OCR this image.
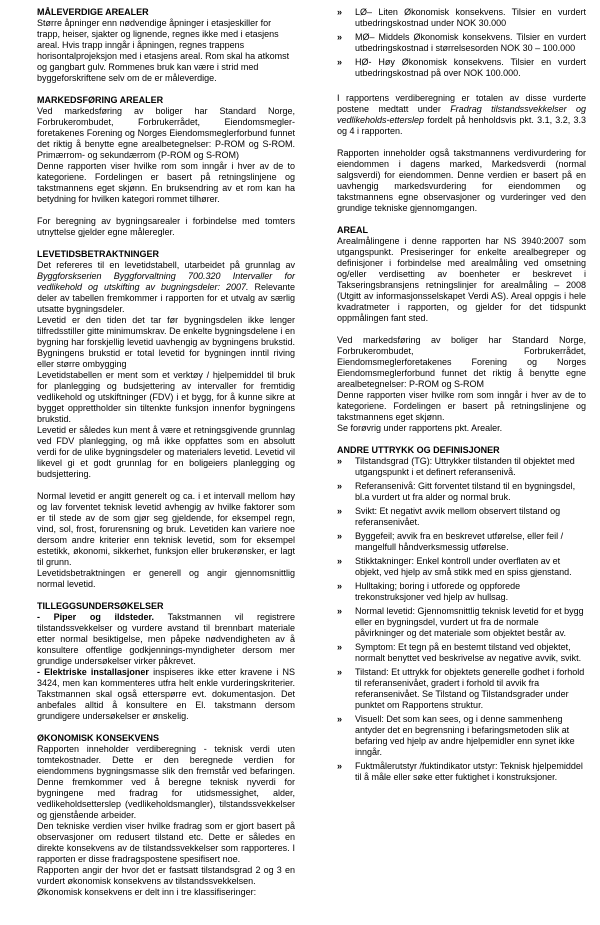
MÅLEVERDIGE AREALER

Større åpninger enn nødvendige åpninger i etasjeskiller for trapp, heiser, sjakter og lignende, regnes ikke med i etasjens areal. Hvis trapp inngår i åpningen, regnes trappens horisontalprojeksjon med i etasjens areal. Rom skal ha atkomst og gangbart gulv. Rommenes bruk kan være i strid med byggeforskriftene selv om de er måleverdige.

MARKEDSFØRING AREALER

Ved markedsføring av boliger har Standard Norge, Forbrukerombudet, Forbrukerrådet, Eiendomsmegler-foretakenes Forening og Norges Eiendomsmeglerforbund funnet det riktig å benytte egne arealbetegnelser: P-ROM og S-ROM. Primærrom- og sekundærrom (P-ROM og S-ROM)

Denne rapporten viser hvilke rom som inngår i hver av de to kategoriene. Fordelingen er basert på retningslinjene og takstmannens eget skjønn. En bruksendring av et rom kan ha betydning for hvilken kategori rommet tilhører.

For beregning av bygningsarealer i forbindelse med tomters utnyttelse gjelder egne måleregler.

LEVETIDSBETRAKTNINGER

Det refereres til en levetidstabell, utarbeidet på grunnlag av Byggforskserien Byggforvaltning 700.320 Intervaller for vedlikehold og utskifting av bugningsdeler: 2007. Relevante deler av tabellen fremkommer i rapporten for et utvalg av særlig utsatte bygningsdeler.

Levetid er den tiden det tar før bygningsdelen ikke lenger tilfredsstiller gitte minimumskrav. De enkelte bygningsdelene i en bygning har forskjellig levetid uavhengig av bygningens brukstid. Bygningens brukstid er total levetid for bygningen inntil riving eller større ombygging

Levetidstabellen er ment som et verktøy / hjelpemiddel til bruk for planlegging og budsjettering av intervaller for fremtidig vedlikehold og utskiftninger (FDV) i et bygg, for å kunne sikre at bygget opprettholder sin tiltenkte funksjon innenfor bygningens brukstid.

Levetid er således kun ment å være et retningsgivende grunnlag ved FDV planlegging, og må ikke oppfattes som en absolutt verdi for de ulike bygningsdeler og materialers levetid. Levetid vil likevel gi et godt grunnlag for en boligeiers planlegging og budsjettering.

Normal levetid er angitt generelt og ca. i et intervall mellom høy og lav forventet teknisk levetid avhengig av hvilke faktorer som er til stede av de som gjør seg gjeldende, for eksempel regn, vind, sol, frost, forurensning og bruk. Levetiden kan variere noe dersom andre kriterier enn teknisk levetid, som for eksempel estetikk, økonomi, sikkerhet, funksjon eller brukerønsker, er lagt til grunn.

Levetidsbetraktningen er generell og angir gjennomsnittlig normal levetid.

TILLEGGSUNDERSØKELSER

- Piper og ildsteder. Takstmannen vil registrere tilstandssvekkelser og vurdere avstand til brennbart materiale etter normal besiktigelse, men påpeke nødvendigheten av å konsultere offentlige godkjennings-myndigheter dersom mer grundige undersøkelser virker påkrevet.

- Elektriske installasjoner inspiseres ikke etter kravene i NS 3424, men kan kommenteres utfra helt enkle vurderingskriterier. Takstmannen skal også etterspørre evt. dokumentasjon. Det anbefales alltid å konsultere en El. takstmann dersom grundigere undersøkelser er ønskelig.

ØKONOMISK KONSEKVENS

Rapporten inneholder verdiberegning - teknisk verdi uten tomtekostnader. Dette er den beregnede verdien for eiendommens bygningsmasse slik den fremstår ved befaringen. Denne fremkommer ved å beregne teknisk nyverdi for bygningene med fradrag for utidsmessighet, alder, vedlikeholdsetterslep (vedlikeholdsmangler), tilstandssvekkelser og gjenstående arbeider.

Den tekniske verdien viser hvilke fradrag som er gjort basert på observasjoner om redusert tilstand etc. Dette er således en direkte konsekvens av de tilstandssvekkelser som rapporteres. I rapporten er disse fradragspostene spesifisert noe.

Rapporten angir der hvor det er fastsatt tilstandsgrad 2 og 3 en vurdert økonomisk konsekvens av tilstandssvekkelsen.

Økonomisk konsekvens er delt inn i tre klassifiseringer:

»	LØ– Liten Økonomisk konsekvens. Tilsier en vurdert utbedringskostnad under NOK 30.000
»	MØ– Middels Økonomisk konsekvens. Tilsier en vurdert utbedringskostnad i størrelsesorden NOK 30 – 100.000
»	HØ- Høy Økonomisk konsekvens. Tilsier en vurdert utbedringskostnad på over NOK 100.000.

I rapportens verdiberegning er totalen av disse vurderte postene medtatt under Fradrag tilstandssvekkelser og vedlikeholds-etterslep fordelt på henholdsvis pkt. 3.1, 3.2, 3.3 og 4 i rapporten.

Rapporten inneholder også takstmannens verdivurdering for eiendommen i dagens marked, Markedsverdi (normal salgsverdi) for eiendommen. Denne verdien er basert på en uavhengig markedsvurdering for eiendommen og takstmannens egne observasjoner og vurderinger ved den grundige tekniske gjennomgangen.

AREAL

Arealmålingene i denne rapporten har NS 3940:2007 som utgangspunkt. Presiseringer for enkelte arealbegreper og definisjoner i forbindelse med arealmåling ved omsetning og/eller verdisetting av boenheter er beskrevet i Takseringsbransjens retningslinjer for arealmåling – 2008 (Utgitt av informasjonsselskapet Verdi AS). Areal oppgis i hele kvadratmeter i rapporten, og gjelder for det tidspunkt oppmålingen fant sted.

Ved markedsføring av boliger har Standard Norge, Forbrukerombudet, Forbrukerrådet, Eiendomsmeglerforetakenes Forening og Norges Eiendomsmeglerforbund funnet det riktig å benytte egne arealbetegnelser: P-ROM og S-ROM

Denne rapporten viser hvilke rom som inngår i hver av de to kategoriene. Fordelingen er basert på retningslinjene og takstmannens eget skjønn.

Se forøvrig under rapportens pkt. Arealer.

ANDRE UTTRYKK OG DEFINISJONER
»	Tilstandsgrad (TG): Uttrykker tilstanden til objektet med utgangspunkt i et definert referansenivå.
»	Referansenivå: Gitt forventet tilstand til en bygningsdel, bl.a vurdert ut fra alder og normal bruk.
»	Svikt: Et negativt avvik mellom observert tilstand og referansenivået.
»	Byggefeil; avvik fra en beskrevet utførelse, eller feil / mangelfull håndverksmessig utførelse.
»	Stikktakninger: Enkel kontroll under overflaten av et objekt, ved hjelp av små stikk med en spiss gjenstand.
»	Hulltaking; boring i utforede og oppforede trekonstruksjoner ved hjelp av hullsag.
»	Normal levetid: Gjennomsnittlig teknisk levetid for et bygg eller en bygningsdel, vurdert ut fra de normale påvirkninger og det materiale som objektet består av.
»	Symptom: Et tegn på en bestemt tilstand ved objektet, normalt benyttet ved beskrivelse av negative avvik, svikt.
»	Tilstand: Et uttrykk for objektets generelle godhet i forhold til referansenivået, gradert i forhold til avvik fra referansenivået. Se Tilstand og Tilstandsgrader under punktet om Rapportens struktur.
»	Visuell: Det som kan sees, og i denne sammenheng antyder det en begrensning i befaringsmetoden slik at befaring ved hjelp av andre hjelpemidler enn synet ikke inngår.
»	Fuktmålerutstyr /fuktindikator utstyr: Teknisk hjelpemiddel til å måle eller søke etter fuktighet i konstruksjoner.
